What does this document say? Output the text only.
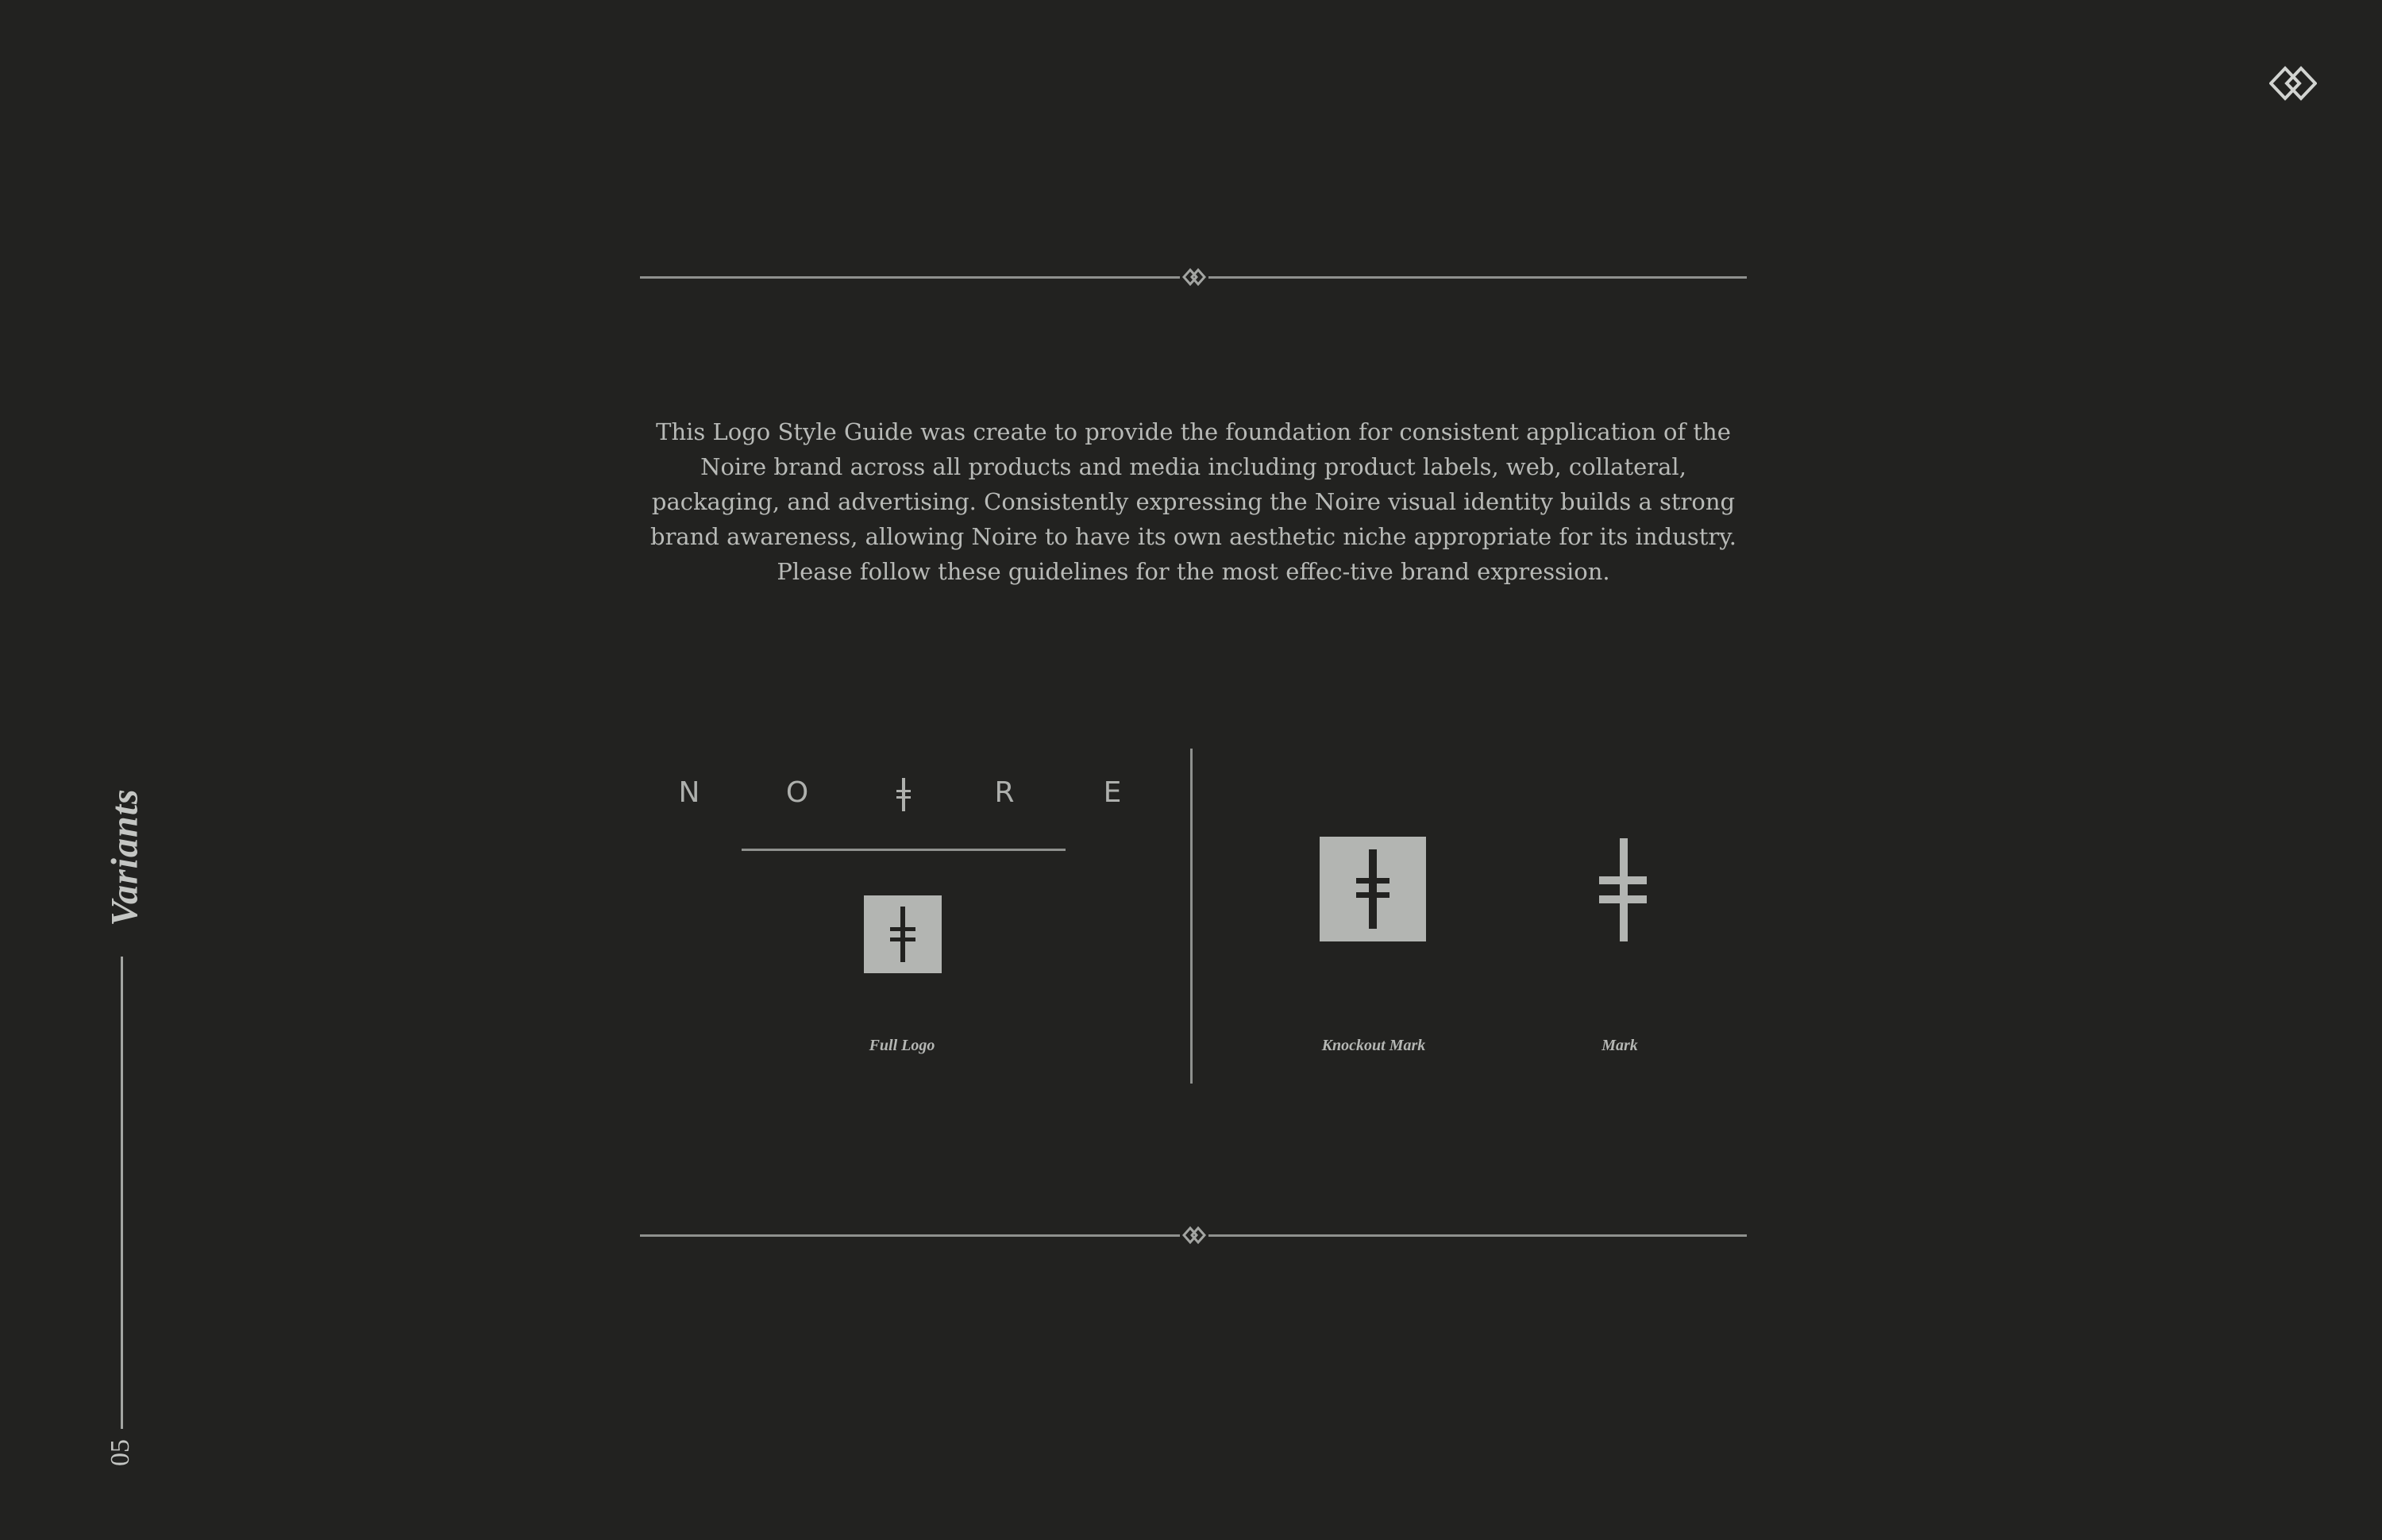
This Logo Style Guide was create to provide the foundation for consistent application of the Noire brand across all products and media including product labels, web, collateral, packaging, and advertising. Consistently expressing the Noire visual identity builds a strong brand awareness, allowing Noire to have its own aesthetic niche appropriate for its industry. Please follow these guidelines for the most effec-tive brand expression.

Variants
05
N	O	R	E
Full Logo	Knockout Mark	Mark
